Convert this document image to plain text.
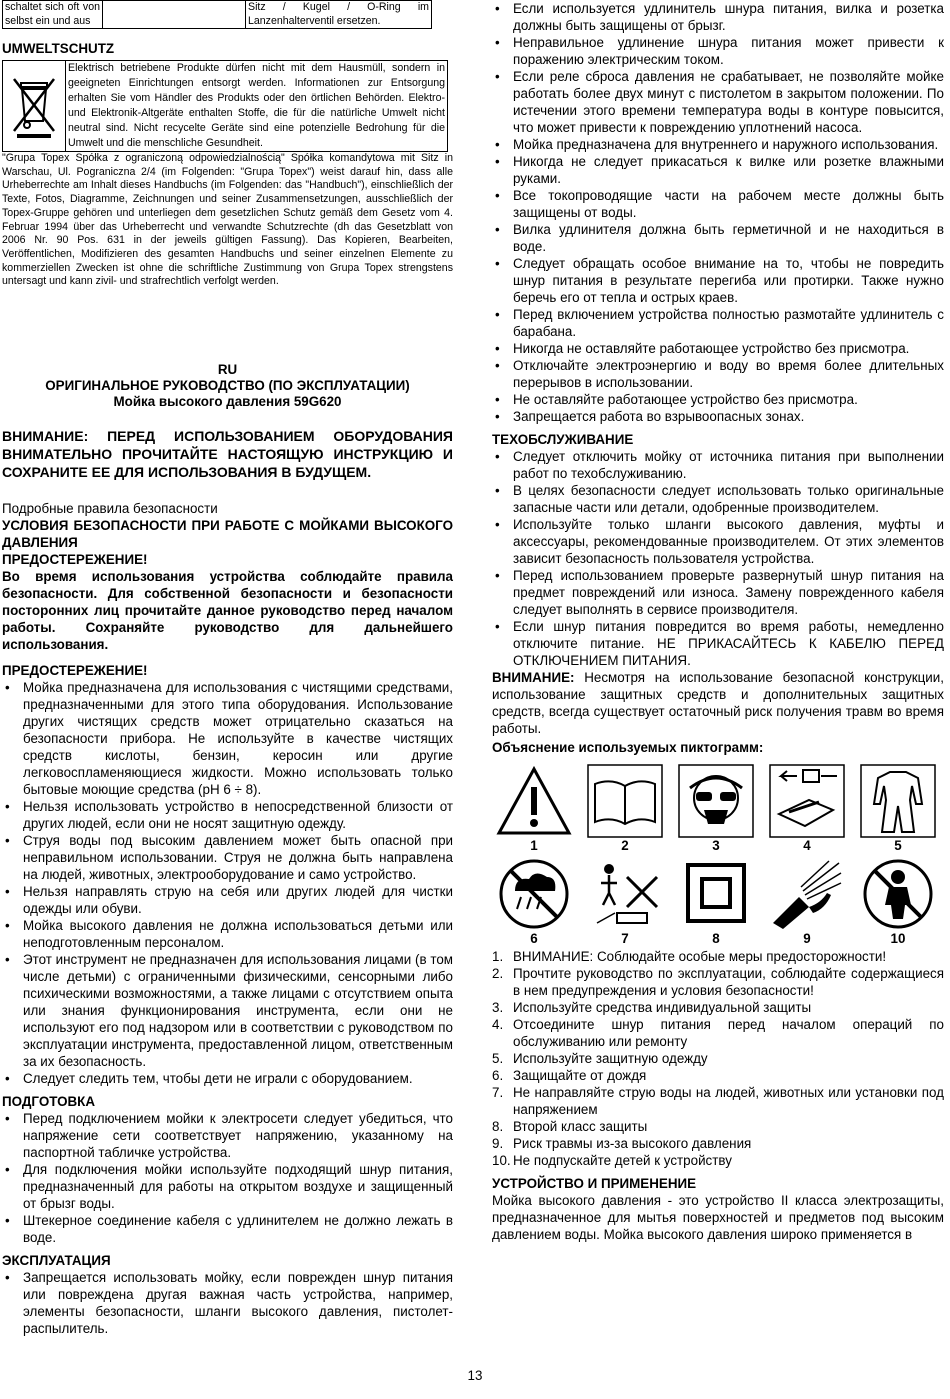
schaltet sich oft von selbst ein und aus		Sitz / Kugel / O-Ring im Lanzenhalterventil ersetzen.
UMWELTSCHUTZ
Elektrisch betriebene Produkte dürfen nicht mit dem Hausmüll, sondern in geeigneten Einrichtungen entsorgt werden. Informationen zur Entsorgung erhalten Sie vom Händler des Produkts oder den örtlichen Behörden. Elektro- und Elektronik-Altgeräte enthalten Stoffe, die für die natürliche Umwelt nicht neutral sind. Nicht recycelte Geräte sind eine potenzielle Bedrohung für die Umwelt und die menschliche Gesundheit.

"Grupa Topex Spółka z ograniczoną odpowiedzialnością" Spółka komandytowa mit Sitz in Warschau, Ul. Pograniczna 2/4 (im Folgenden: "Grupa Topex") weist darauf hin, dass alle Urheberrechte am Inhalt dieses Handbuchs (im Folgenden: das "Handbuch"), einschließlich der Texte, Fotos, Diagramme, Zeichnungen und seiner Zusammensetzungen, ausschließlich der Topex-Gruppe gehören und unterliegen dem gesetzlichen Schutz gemäß dem Gesetz vom 4. Februar 1994 über das Urheberrecht und verwandte Schutzrechte (dh das Gesetzblatt von 2006 Nr. 90 Pos. 631 in der jeweils gültigen Fassung). Das Kopieren, Bearbeiten, Veröffentlichen, Modifizieren des gesamten Handbuchs und seiner einzelnen Elemente zu kommerziellen Zwecken ist ohne die schriftliche Zustimmung von Grupa Topex strengstens untersagt und kann zivil- und strafrechtlich verfolgt werden.

RU
ОРИГИНАЛЬНОЕ РУКОВОДСТВО (ПО ЭКСПЛУАТАЦИИ)
Мойка высокого давления 59G620

ВНИМАНИЕ: ПЕРЕД ИСПОЛЬЗОВАНИЕМ ОБОРУДОВАНИЯ ВНИМАТЕЛЬНО ПРОЧИТАЙТЕ НАСТОЯЩУЮ ИНСТРУКЦИЮ И СОХРАНИТЕ ЕЕ ДЛЯ ИСПОЛЬЗОВАНИЯ В БУДУЩЕМ.

Подробные правила безопасности

УСЛОВИЯ БЕЗОПАСНОСТИ ПРИ РАБОТЕ С МОЙКАМИ ВЫСОКОГО ДАВЛЕНИЯ

ПРЕДОСТЕРЕЖЕНИЕ!

Во время использования устройства соблюдайте правила безопасности. Для собственной безопасности и безопасности посторонних лиц прочитайте данное руководство перед началом работы. Сохраняйте руководство для дальнейшего использования.

ПРЕДОСТЕРЕЖЕНИЕ!

• Мойка предназначена для использования с чистящими средствами, предназначенными для этого типа оборудования. Использование других чистящих средств может отрицательно сказаться на безопасности прибора. Не используйте в качестве чистящих средств кислоты, бензин, керосин или другие легковоспламеняющиеся жидкости. Можно использовать только бытовые моющие средства (pH 6 ÷ 8).

• Нельзя использовать устройство в непосредственной близости от других людей, если они не носят защитную одежду.

• Струя воды под высоким давлением может быть опасной при неправильном использовании. Струя не должна быть направлена на людей, животных, электрооборудование и само устройство.

• Нельзя направлять струю на себя или других людей для чистки одежды или обуви.

• Мойка высокого давления не должна использоваться детьми или неподготовленным персоналом.

• Этот инструмент не предназначен для использования лицами (в том числе детьми) с ограниченными физическими, сенсорными либо психическими возможностями, а также лицами с отсутствием опыта или знания функционирования инструмента, если они не используют его под надзором или в соответствии с руководством по эксплуатации инструмента, предоставленной лицом, ответственным за их безопасность.

• Следует следить тем, чтобы дети не играли с оборудованием.

ПОДГОТОВКА

• Перед подключением мойки к электросети следует убедиться, что напряжение сети соответствует напряжению, указанному на паспортной табличке устройства.

• Для подключения мойки используйте подходящий шнур питания, предназначенный для работы на открытом воздухе и защищенный от брызг воды.

• Штекерное соединение кабеля с удлинителем не должно лежать в воде.

ЭКСПЛУАТАЦИЯ

• Запрещается использовать мойку, если поврежден шнур питания или повреждена другая важная часть устройства, например, элементы безопасности, шланги высокого давления, пистолет-распылитель.

• Если используется удлинитель шнура питания, вилка и розетка должны быть защищены от брызг.

• Неправильное удлинение шнура питания может привести к поражению электрическим током.

• Если реле сброса давления не срабатывает, не позволяйте мойке работать более двух минут с пистолетом в закрытом положении. По истечении этого времени температура воды в контуре повысится, что может привести к повреждению уплотнений насоса.

• Мойка предназначена для внутреннего и наружного использования.

• Никогда не следует прикасаться к вилке или розетке влажными руками.

• Все токопроводящие части на рабочем месте должны быть защищены от воды.

• Вилка удлинителя должна быть герметичной и не находиться в воде.

• Следует обращать особое внимание на то, чтобы не повредить шнур питания в результате перегиба или протирки. Также нужно беречь его от тепла и острых краев.

• Перед включением устройства полностью размотайте удлинитель с барабана.

• Никогда не оставляйте работающее устройство без присмотра.

• Отключайте электроэнергию и воду во время более длительных перерывов в использовании.

• Не оставляйте работающее устройство без присмотра.

• Запрещается работа во взрывоопасных зонах.

ТЕХОБСЛУЖИВАНИЕ

• Следует отключить мойку от источника питания при выполнении работ по техобслуживанию.

• В целях безопасности следует использовать только оригинальные запасные части или детали, одобренные производителем.

• Используйте только шланги высокого давления, муфты и аксессуары, рекомендованные производителем. От этих элементов зависит безопасность пользователя устройства.

• Перед использованием проверьте развернутый шнур питания на предмет повреждений или износа. Замену поврежденного кабеля следует выполнять в сервисе производителя.

• Если шнур питания повредится во время работы, немедленно отключите питание. НЕ ПРИКАСАЙТЕСЬ К КАБЕЛЮ ПЕРЕД ОТКЛЮЧЕНИЕМ ПИТАНИЯ.

ВНИМАНИЕ: Несмотря на использование безопасной конструкции, использование защитных средств и дополнительных защитных средств, всегда существует остаточный риск получения травм во время работы.

Объяснение используемых пиктограмм:

1	2	3	4	5
6	7	8	9	10

1. ВНИМАНИЕ: Соблюдайте особые меры предосторожности!

2. Прочтите руководство по эксплуатации, соблюдайте содержащиеся в нем предупреждения и условия безопасности!

3. Используйте средства индивидуальной защиты

4. Отсоедините шнур питания перед началом операций по обслуживанию или ремонту

5. Используйте защитную одежду

6. Защищайте от дождя

7. Не направляйте струю воды на людей, животных или установки под напряжением

8. Второй класс защиты

9. Риск травмы из-за высокого давления

10. Не подпускайте детей к устройству

УСТРОЙСТВО И ПРИМЕНЕНИЕ

Мойка высокого давления - это устройство II класса электрозащиты, предназначенное для мытья поверхностей и предметов под высоким давлением воды. Мойка высокого давления широко применяется в

13
